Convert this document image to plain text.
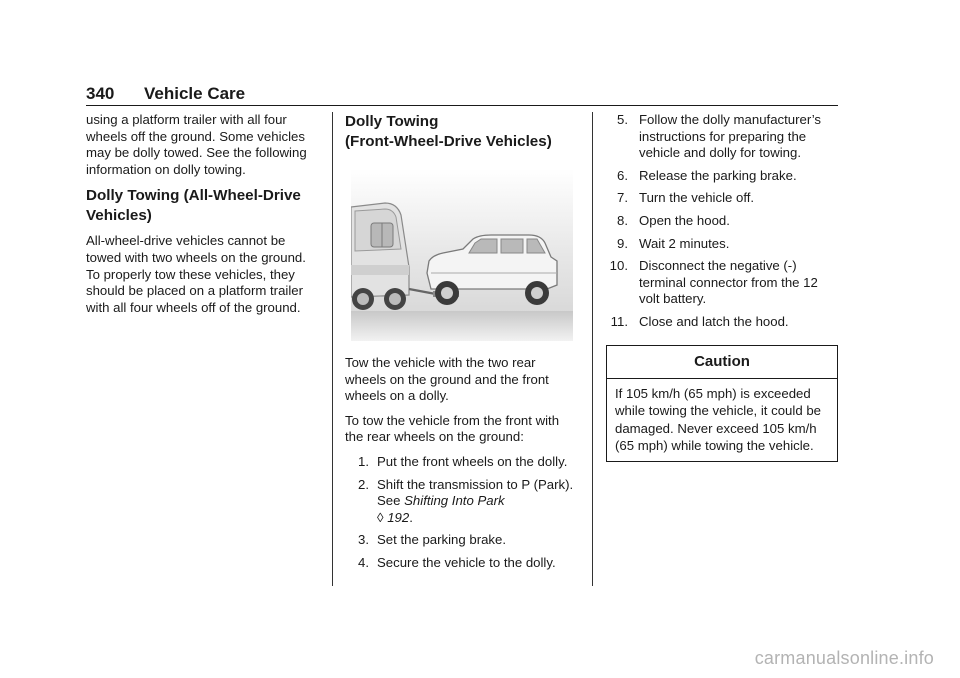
340 Vehicle Care

using a platform trailer with all four wheels off the ground. Some vehicles may be dolly towed. See the following information on dolly towing.

Dolly Towing (All-Wheel-Drive Vehicles)

All-wheel-drive vehicles cannot be towed with two wheels on the ground. To properly tow these vehicles, they should be placed on a platform trailer with all four wheels off of the ground.

Dolly Towing
(Front-Wheel-Drive Vehicles)

Tow the vehicle with the two rear wheels on the ground and the front wheels on a dolly.

To tow the vehicle from the front with the rear wheels on the ground:

1. Put the front wheels on the dolly.
2. Shift the transmission to P (Park). See Shifting Into Park
◊ 192.
3. Set the parking brake.
4. Secure the vehicle to the dolly.
5. Follow the dolly manufacturer’s instructions for preparing the vehicle and dolly for towing.
6. Release the parking brake.
7. Turn the vehicle off.
8. Open the hood.
9. Wait 2 minutes.
10. Disconnect the negative (-) terminal connector from the 12 volt battery.
11. Close and latch the hood.
Caution
If 105 km/h (65 mph) is exceeded while towing the vehicle, it could be damaged. Never exceed 105 km/h (65 mph) while towing the vehicle.
carmanualsonline.info
